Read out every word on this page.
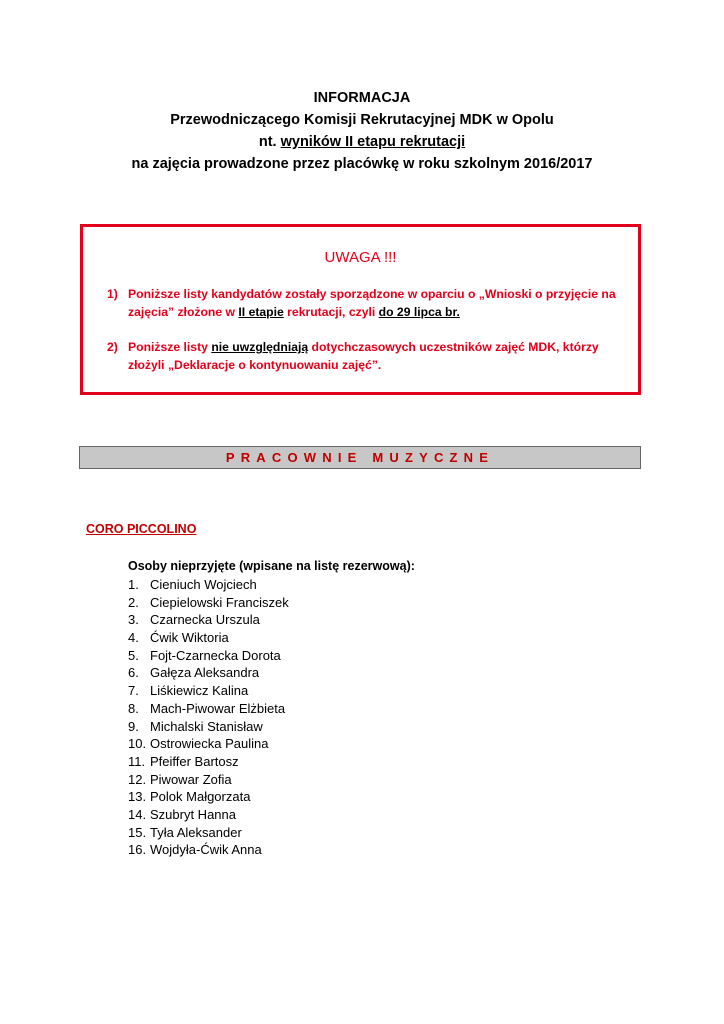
INFORMACJA
Przewodniczącego Komisji Rekrutacyjnej MDK w Opolu
nt. wyników II etapu rekrutacji
na zajęcia prowadzone przez placówkę w roku szkolnym 2016/2017
UWAGA !!!
1) Poniższe listy kandydatów zostały sporządzone w oparciu o „Wnioski o przyjęcie na zajęcia” złożone w II etapie rekrutacji, czyli do 29 lipca br.
2) Poniższe listy nie uwzględniają dotychczasowych uczestników zajęć MDK, którzy złożyli „Deklaracje o kontynuowaniu zajęć”.
PRACOWNIE MUZYCZNE
CORO PICCOLINO
Osoby nieprzyjęte (wpisane na listę rezerwową):
1. Cieniuch Wojciech
2. Ciepielowski Franciszek
3. Czarnecka Urszula
4. Ćwik Wiktoria
5. Fojt-Czarnecka Dorota
6. Gałęza Aleksandra
7. Liśkiewicz Kalina
8. Mach-Piwowar Elżbieta
9. Michalski Stanisław
10. Ostrowiecka Paulina
11. Pfeiffer Bartosz
12. Piwowar Zofia
13. Polok Małgorzata
14. Szubryt Hanna
15. Tyła Aleksander
16. Wojdyła-Ćwik Anna
